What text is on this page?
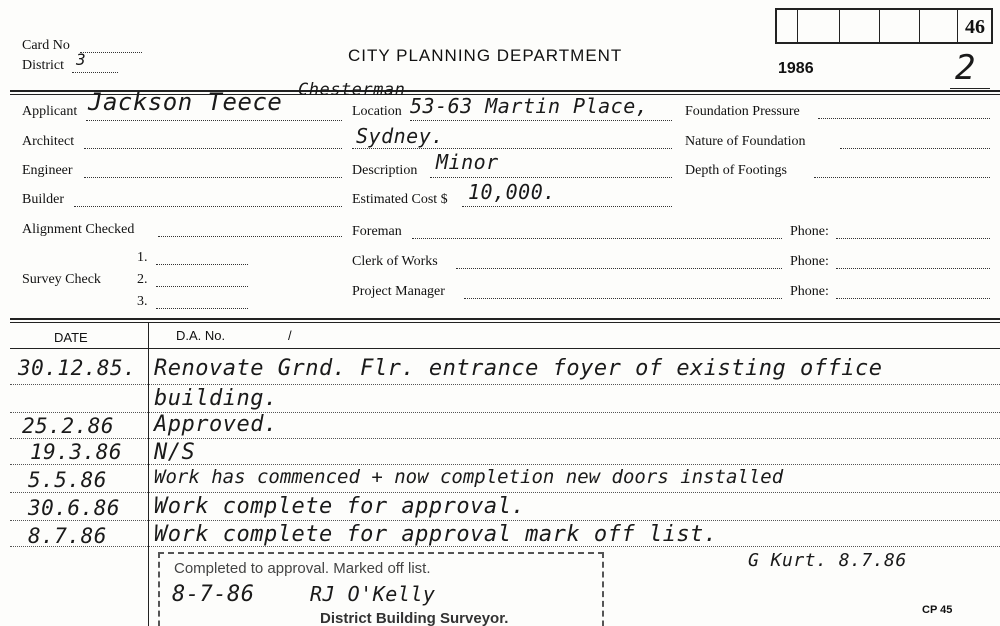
46
Card No
District 3	CITY PLANNING DEPARTMENT
1986	2
Applicant Jackson Teece Chesterman
Architect
Engineer
Builder
Alignment Checked
Survey Check
1.
2.
3.
Location 53-63 Martin Place,
Sydney.
Description Minor
Estimated Cost $ 10,000.
Foreman	Phone:
Clerk of Works	Phone:
Project Manager	Phone:
Foundation Pressure
Nature of Foundation
Depth of Footings
DATE	D.A. No.	/
30.12.85. Renovate Grnd. Flr. entrance foyer of existing office
building.
25.2.86 Approved.
19.3.86 N/S
5.5.86 Work has commenced + now completion new doors installed
30.6.86 Work complete for approval.
8.7.86 Work complete for approval mark off list.
G Kurt. 8.7.86
Completed to approval. Marked off list.
8-7-86	RJ O'Kelly
District Building Surveyor.	CP 45
